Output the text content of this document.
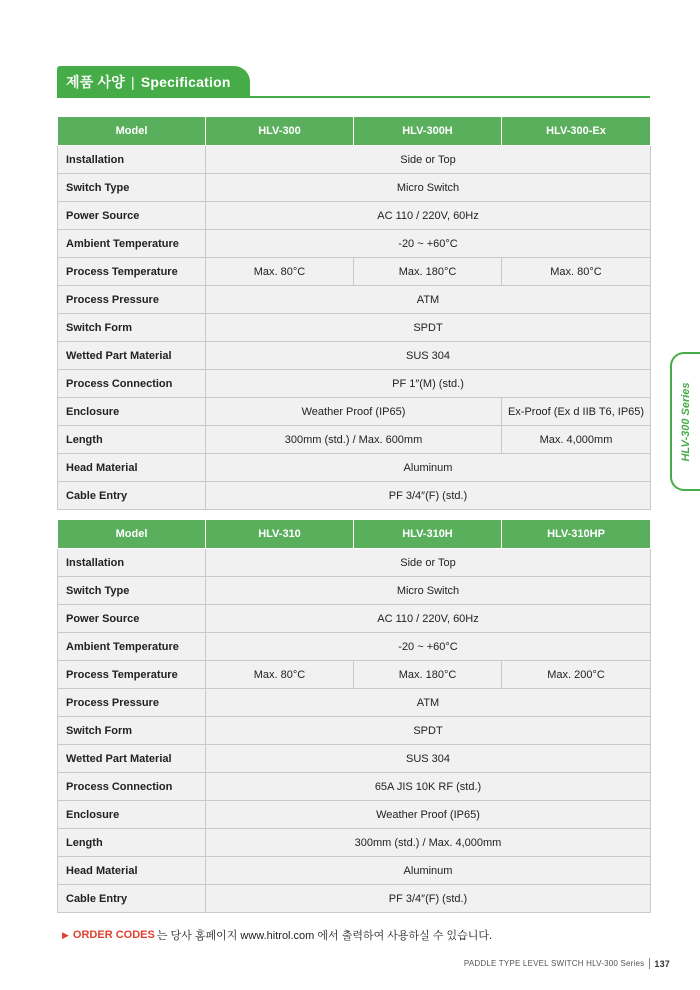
제품 사양 | Specification
Model	HLV-300	HLV-300H	HLV-300-Ex
Installation	Side or Top		
Switch Type	Micro Switch		
Power Source	AC 110 / 220V, 60Hz		
Ambient Temperature	-20 ~ +60°C		
Process Temperature	Max. 80°C	Max. 180°C	Max. 80°C
Process Pressure	ATM		
Switch Form	SPDT		
Wetted Part Material	SUS 304		
Process Connection	PF 1″(M) (std.)		
Enclosure	Weather Proof (IP65)		Ex-Proof (Ex d IIB T6, IP65)
Length	300mm (std.) / Max. 600mm		Max. 4,000mm
Head Material	Aluminum		
Cable Entry	PF 3/4″(F) (std.)		
Model	HLV-310	HLV-310H	HLV-310HP
Installation	Side or Top		
Switch Type	Micro Switch		
Power Source	AC 110 / 220V, 60Hz		
Ambient Temperature	-20 ~ +60°C		
Process Temperature	Max. 80°C	Max. 180°C	Max. 200°C
Process Pressure	ATM		
Switch Form	SPDT		
Wetted Part Material	SUS 304		
Process Connection	65A JIS 10K RF (std.)		
Enclosure	Weather Proof (IP65)		
Length	300mm (std.) / Max. 4,000mm		
Head Material	Aluminum		
Cable Entry	PF 3/4″(F) (std.)		
HLV-300 Series
▶ ORDER CODES 는 당사 홈페이지 www.hitrol.com 에서 출력하여 사용하실 수 있습니다.
PADDLE TYPE LEVEL SWITCH HLV-300 Series 137
